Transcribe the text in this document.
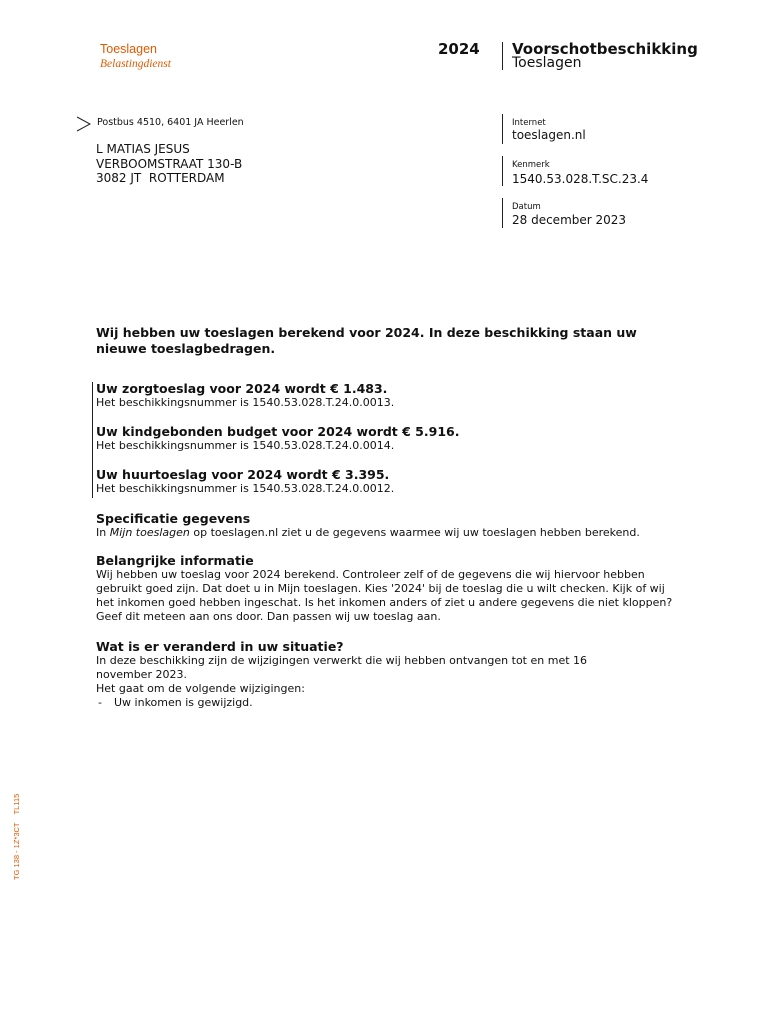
Toeslagen
Belastingdienst
2024 Voorschotbeschikking
Toeslagen
Postbus 4510, 6401 JA Heerlen
L MATIAS JESUS
VERBOOMSTRAAT 130-B
3082 JT  ROTTERDAM
Internet
toeslagen.nl
Kenmerk
1540.53.028.T.SC.23.4
Datum
28 december 2023
Wij hebben uw toeslagen berekend voor 2024. In deze beschikking staan uw nieuwe toeslagbedragen.
Uw zorgtoeslag voor 2024 wordt € 1.483.
Het beschikkingsnummer is 1540.53.028.T.24.0.0013.
Uw kindgebonden budget voor 2024 wordt € 5.916.
Het beschikkingsnummer is 1540.53.028.T.24.0.0014.
Uw huurtoeslag voor 2024 wordt € 3.395.
Het beschikkingsnummer is 1540.53.028.T.24.0.0012.
Specificatie gegevens
In Mijn toeslagen op toeslagen.nl ziet u de gegevens waarmee wij uw toeslagen hebben berekend.
Belangrijke informatie
Wij hebben uw toeslag voor 2024 berekend. Controleer zelf of de gegevens die wij hiervoor hebben gebruikt goed zijn. Dat doet u in Mijn toeslagen. Kies '2024' bij de toeslag die u wilt checken. Kijk of wij het inkomen goed hebben ingeschat. Is het inkomen anders of ziet u andere gegevens die niet kloppen? Geef dit meteen aan ons door. Dan passen wij uw toeslag aan.
Wat is er veranderd in uw situatie?
In deze beschikking zijn de wijzigingen verwerkt die wij hebben ontvangen tot en met 16 november 2023.
Het gaat om de volgende wijzigingen:
- Uw inkomen is gewijzigd.
TG 138 - 1Z*3CT    TL115
